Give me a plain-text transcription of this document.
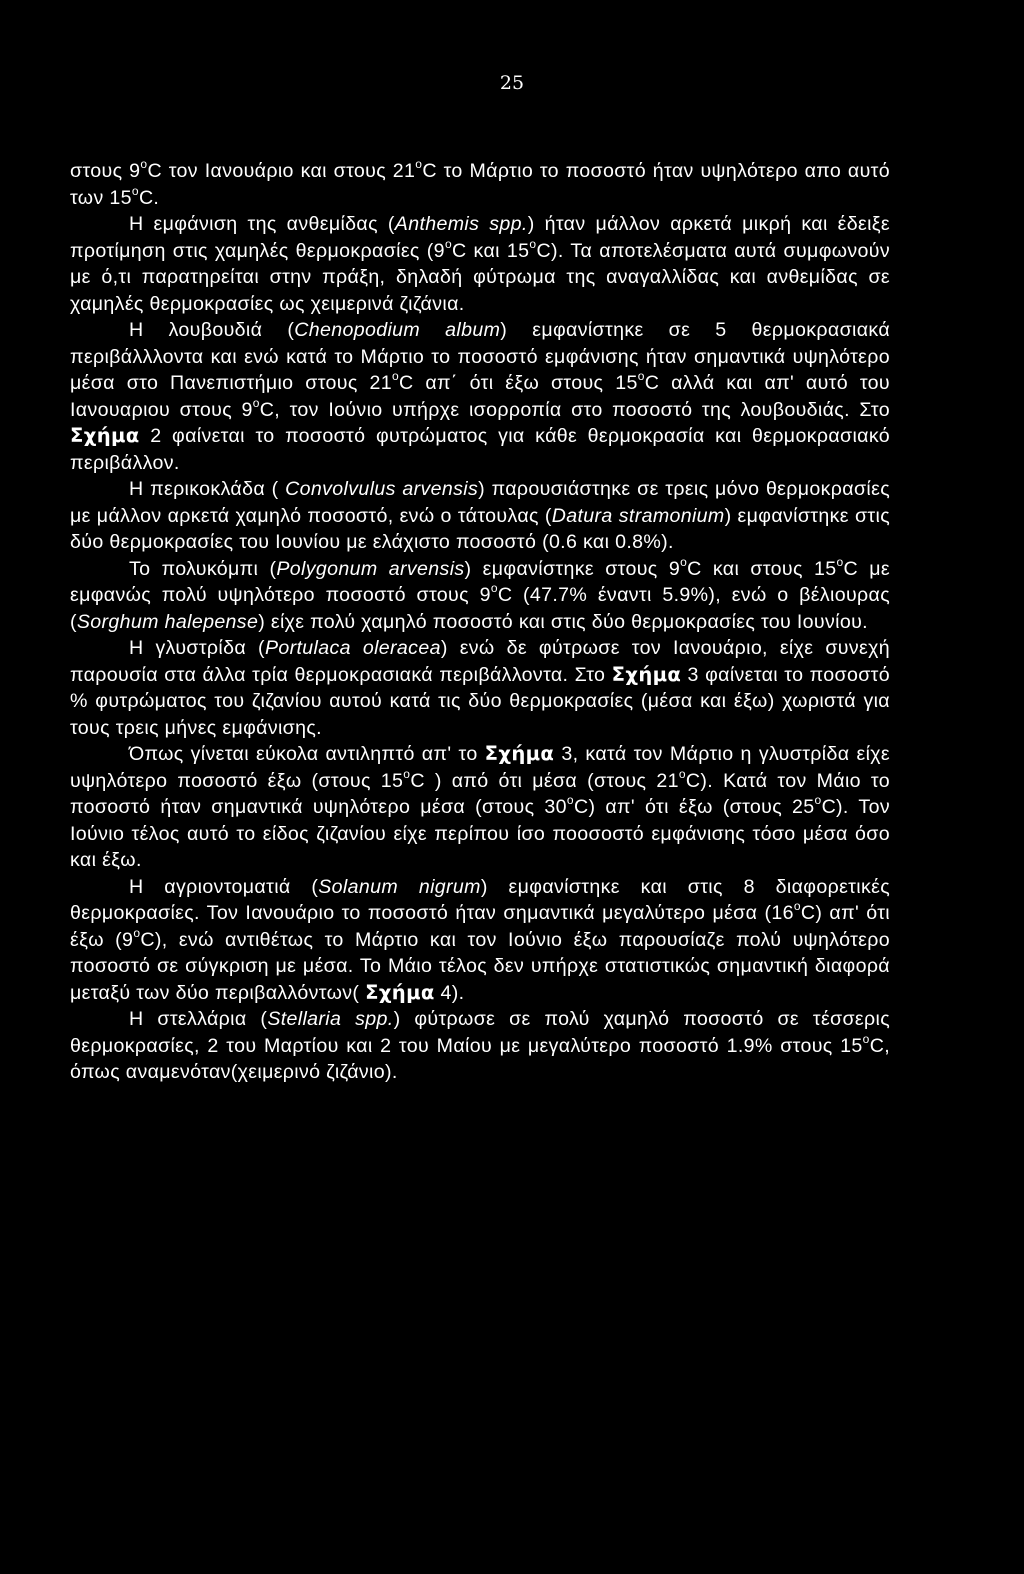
25

στους $9^oC$ τον Ιανουάριο και στους $21^oC$ το Μάρτιο το ποσοστό ήταν υψηλότερο απο αυτό των $15^oC$.

Η εμφάνιση της ανθεμίδας (Anthemis spp.) ήταν μάλλον αρκετά μικρή και έδειξε προτίμηση στις χαμηλές θερμοκρασίες ($9^oC$ και $15^oC$). Τα αποτελέσματα αυτά συμφωνούν με ό,τι παρατηρείται στην πράξη, δηλαδή φύτρωμα της αναγαλλίδας και ανθεμίδας σε χαμηλές θερμοκρασίες ως χειμερινά ζιζάνια.

Η λουβουδιά (Chenopodium album) εμφανίστηκε σε 5 θερμοκρασιακά περιβάλλλοντα και ενώ κατά το Μάρτιο το ποσοστό εμφάνισης ήταν σημαντικά υψηλότερο μέσα στο Πανεπιστήμιο στους $21^oC$ απ΄ ότι έξω στους $15^oC$ αλλά και απ' αυτό του Ιανουαριου στους $9^oC$, τον Ιούνιο υπήρχε ισορροπία στο ποσοστό της λουβουδιάς. Στο Σχήμα 2 φαίνεται το ποσοστό φυτρώματος για κάθε θερμοκρασία και θερμοκρασιακό περιβάλλον.

Η περικοκλάδα ( Convolvulus arvensis) παρουσιάστηκε σε τρεις μόνο θερμοκρασίες με μάλλον αρκετά χαμηλό ποσοστό, ενώ ο τάτουλας (Datura stramonium) εμφανίστηκε στις δύο θερμοκρασίες του Ιουνίου με ελάχιστο ποσοστό (0.6 και 0.8%).

Το πολυκόμπι (Polygonum arvensis) εμφανίστηκε στους $9^oC$ και στους $15^oC$ με εμφανώς πολύ υψηλότερο ποσοστό στους $9^oC$ (47.7% έναντι 5.9%), ενώ ο βέλιουρας (Sorghum halepense) είχε πολύ χαμηλό ποσοστό και στις δύο θερμοκρασίες του Ιουνίου.

Η γλυστρίδα (Portulaca oleracea) ενώ δε φύτρωσε τον Ιανουάριο, είχε συνεχή παρουσία στα άλλα τρία θερμοκρασιακά περιβάλλοντα. Στο Σχήμα 3 φαίνεται το ποσοστό % φυτρώματος του ζιζανίου αυτού κατά τις δύο θερμοκρασίες (μέσα και έξω) χωριστά για τους τρεις μήνες εμφάνισης.

Όπως γίνεται εύκολα αντιληπτό απ' το Σχήμα 3, κατά τον Μάρτιο η γλυστρίδα είχε υψηλότερο ποσοστό έξω (στους $15^oC$ ) από ότι μέσα (στους $21^oC$). Κατά τον Μάιο το ποσοστό ήταν σημαντικά υψηλότερο μέσα (στους $30^oC$) απ' ότι έξω (στους $25^oC$). Τον Ιούνιο τέλος αυτό το είδος ζιζανίου είχε περίπου ίσο ποοσοστό εμφάνισης τόσο μέσα όσο και έξω.

Η αγριοντοματιά (Solanum nigrum) εμφανίστηκε και στις 8 διαφορετικές θερμοκρασίες. Τον Ιανουάριο το ποσοστό ήταν σημαντικά μεγαλύτερο μέσα $(16^oC)$ απ' ότι έξω $(9^oC)$, ενώ αντιθέτως το Μάρτιο και τον Ιούνιο έξω παρουσίαζε πολύ υψηλότερο ποσοστό σε σύγκριση με μέσα. Το Μάιο τέλος δεν υπήρχε στατιστικώς σημαντική διαφορά μεταξύ των δύο περιβαλλόντων( Σχήμα 4).

Η στελλάρια (Stellaria spp.) φύτρωσε σε πολύ χαμηλό ποσοστό σε τέσσερις θερμοκρασίες, 2 του Μαρτίου και 2 του Μαίου με μεγαλύτερο ποσοστό 1.9% στους $15^oC$, όπως αναμενόταν(χειμερινό ζιζάνιο).
